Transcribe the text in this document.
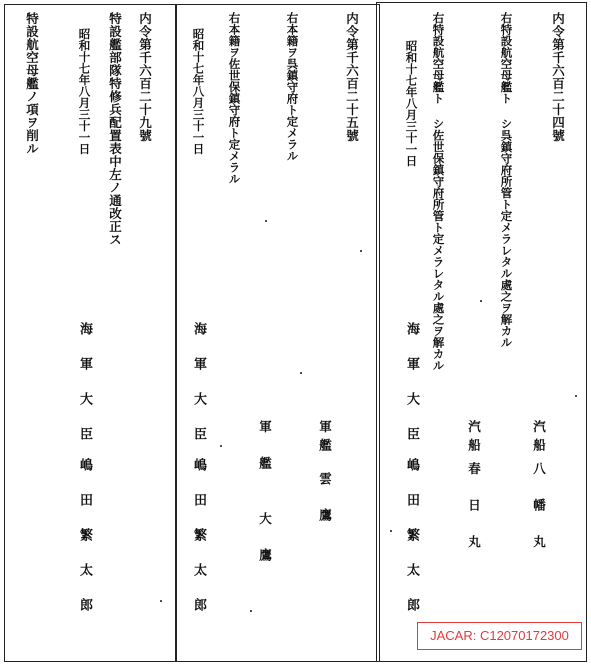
内令第千六百二十四號
右特設航空母艦ト シ呉鎮守府所管ト定メラレタル處之ヲ解カル
右特設航空母艦ト シ佐世保鎮守府所管ト定メラレタル處之ヲ解カル
昭和十七年八月三十一日
汽船
八幡丸
汽船
春日丸
海軍大臣
嶋田繁太郎
内令第千六百二十五號
右本籍ヲ呉鎮守府ト定メラル
右本籍ヲ佐世保鎮守府ト定メラル
昭和十七年八月三十一日
軍艦
雲鷹
軍艦
大鷹
海軍大臣
嶋田繁太郎
内令第千六百二十九號
特設艦部隊特修兵配置表中左ノ通改正ス
昭和十七年八月三十一日
特設航空母艦ノ項ヲ削ル
海軍大臣
嶋田繁太郎
JACAR: C12070172300
